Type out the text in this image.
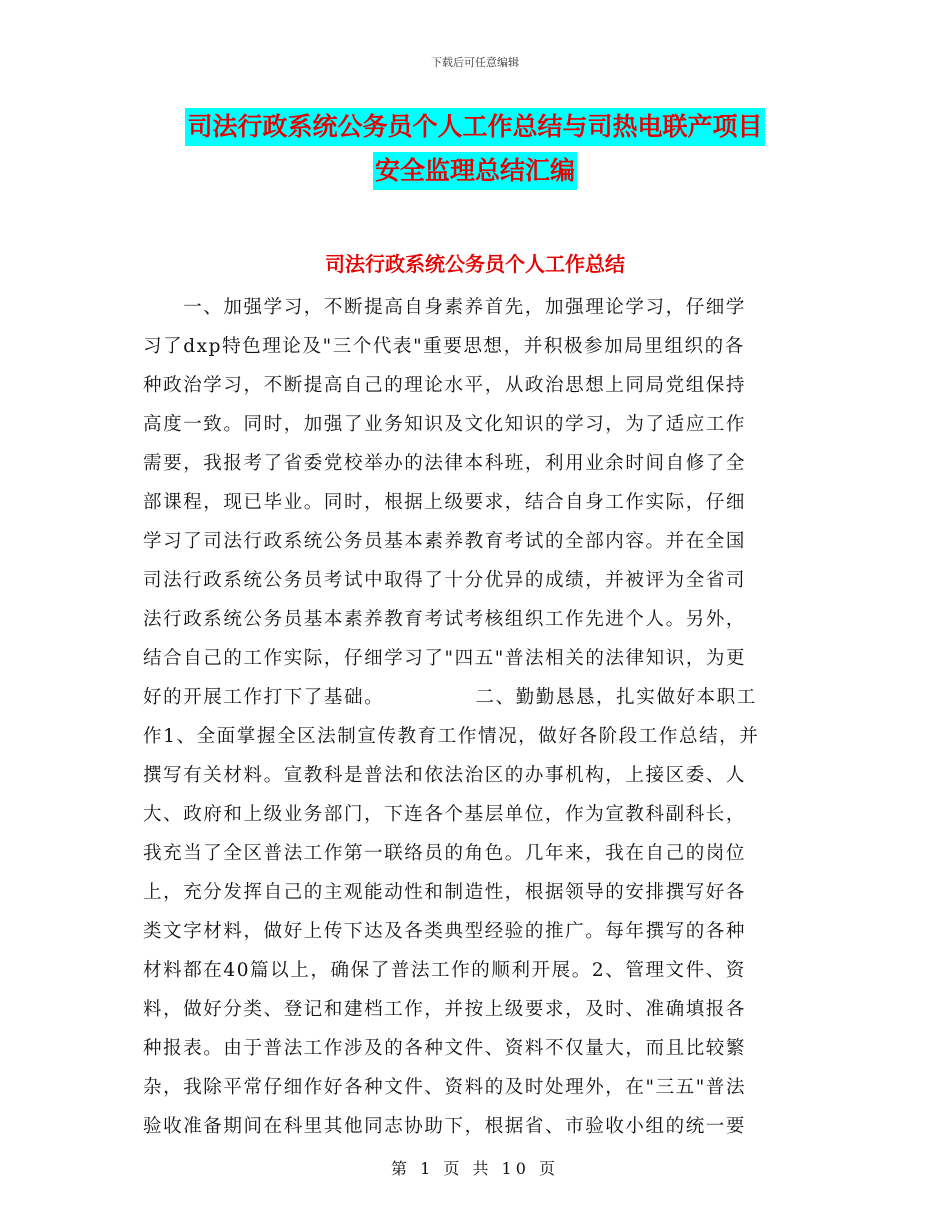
下载后可任意编辑
司法行政系统公务员个人工作总结与司热电联产项目
安全监理总结汇编
司法行政系统公务员个人工作总结
　　一、加强学习，不断提高自身素养首先，加强理论学习，仔细学
习了dxp特色理论及"三个代表"重要思想，并积极参加局里组织的各
种政治学习，不断提高自己的理论水平，从政治思想上同局党组保持
高度一致。同时，加强了业务知识及文化知识的学习，为了适应工作
需要，我报考了省委党校举办的法律本科班，利用业余时间自修了全
部课程，现已毕业。同时，根据上级要求，结合自身工作实际，仔细
学习了司法行政系统公务员基本素养教育考试的全部内容。并在全国
司法行政系统公务员考试中取得了十分优异的成绩，并被评为全省司
法行政系统公务员基本素养教育考试考核组织工作先进个人。另外，
结合自己的工作实际，仔细学习了"四五"普法相关的法律知识，为更
好的开展工作打下了基础。　　　　　二、勤勤恳恳，扎实做好本职工
作1、全面掌握全区法制宣传教育工作情况，做好各阶段工作总结，并
撰写有关材料。宣教科是普法和依法治区的办事机构，上接区委、人
大、政府和上级业务部门，下连各个基层单位，作为宣教科副科长，
我充当了全区普法工作第一联络员的角色。几年来，我在自己的岗位
上，充分发挥自己的主观能动性和制造性，根据领导的安排撰写好各
类文字材料，做好上传下达及各类典型经验的推广。每年撰写的各种
材料都在40篇以上，确保了普法工作的顺利开展。2、管理文件、资
料，做好分类、登记和建档工作，并按上级要求，及时、准确填报各
种报表。由于普法工作涉及的各种文件、资料不仅量大，而且比较繁
杂，我除平常仔细作好各种文件、资料的及时处理外，在"三五"普法
验收准备期间在科里其他同志协助下，根据省、市验收小组的统一要
第 1 页 共 10 页
